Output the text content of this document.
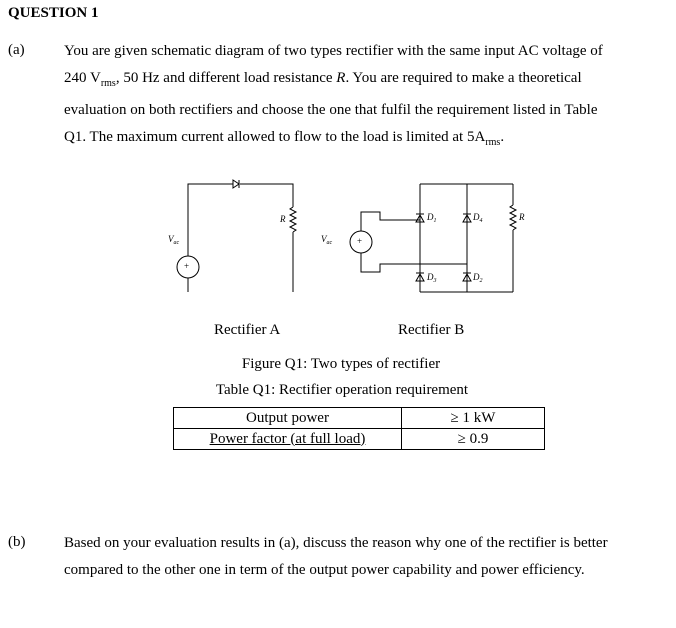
QUESTION 1
(a)	You are given schematic diagram of two types rectifier with the same input AC voltage of
240 $V_{rms}$, 50 Hz and different load resistance R. You are required to make a theoretical
evaluation on both rectifiers and choose the one that fulfil the requirement listed in Table
Q1. The maximum current allowed to flow to the load is limited at $5A_{rms}$.
+
+
$V_{ac}$
R
$V_{ac}$
$D_1$	$D_4$
$D_3$	$D_2$
R
Rectifier A	Rectifier B
Figure Q1: Two types of rectifier
Table Q1: Rectifier operation requirement
Output power	≥ 1 kW
Power factor (at full load)	≥ 0.9
(b)	Based on your evaluation results in (a), discuss the reason why one of the rectifier is better
compared to the other one in term of the output power capability and power efficiency.
